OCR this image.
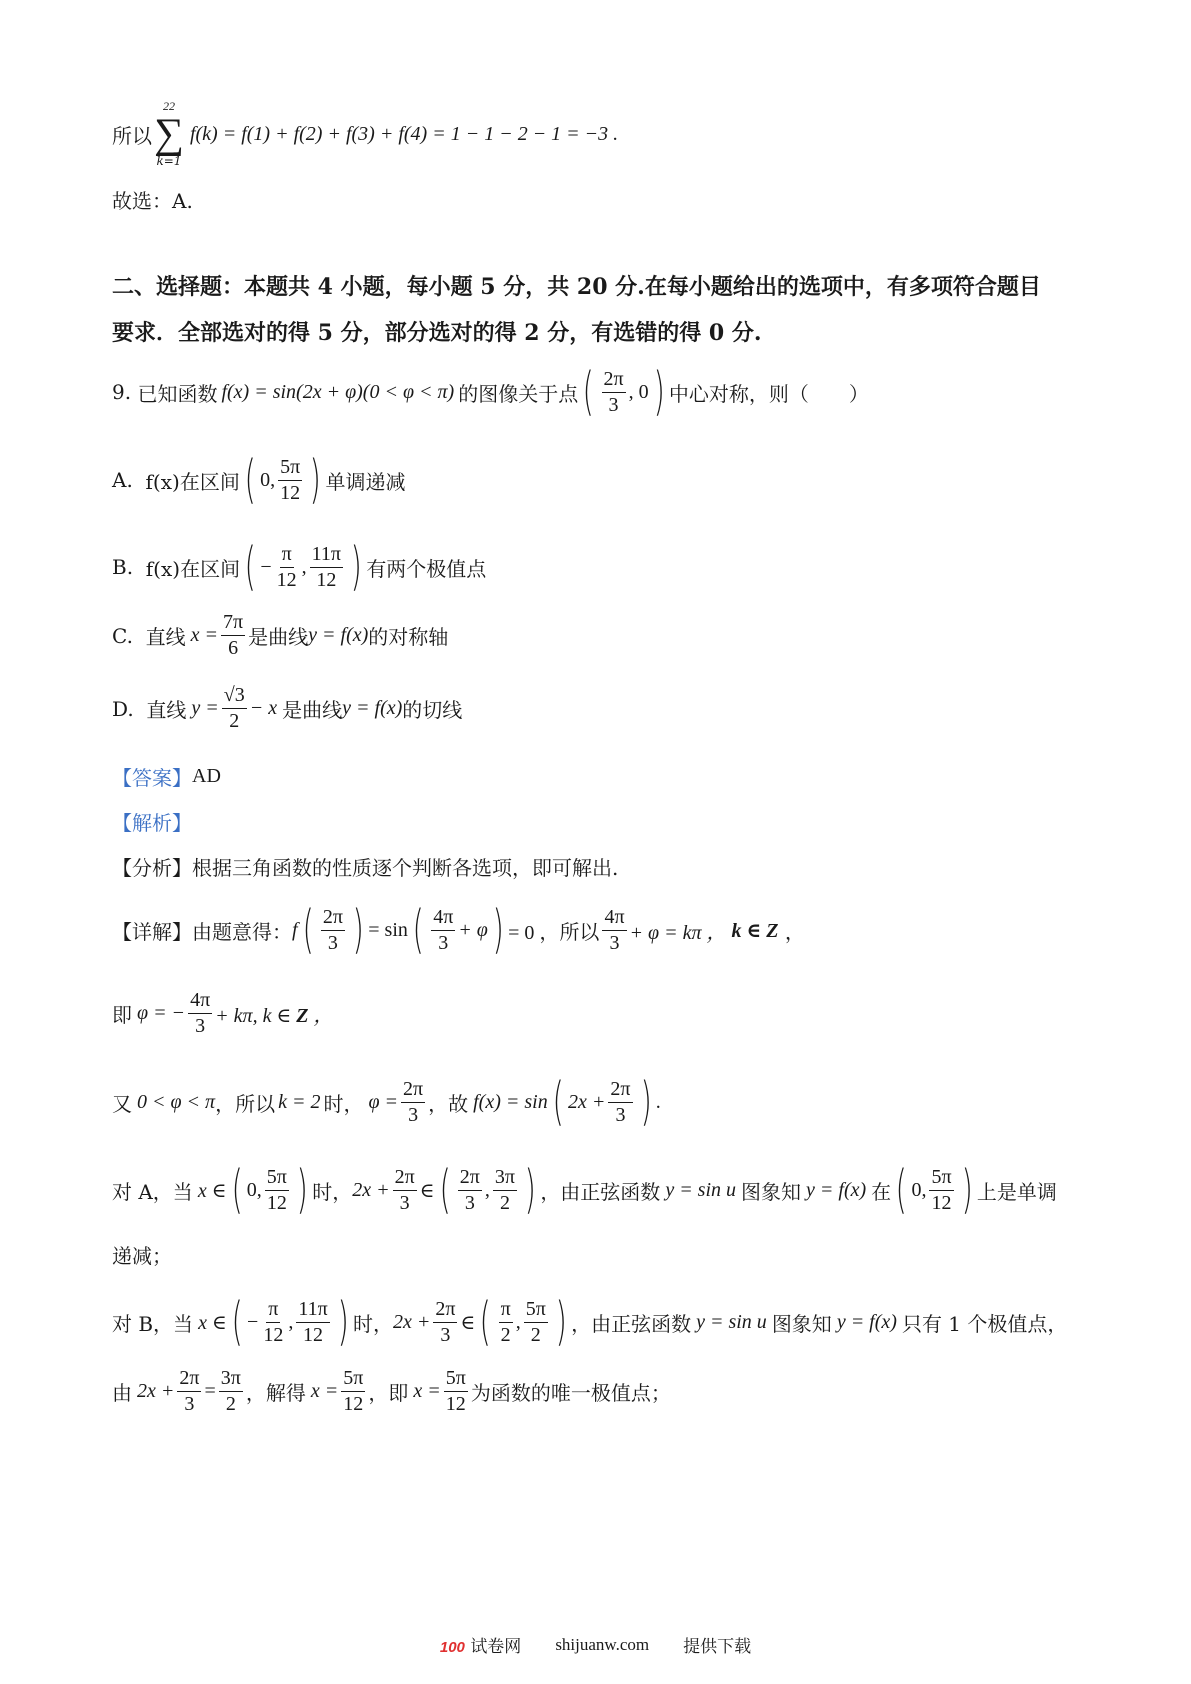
所以
22
∑
k=1
f(k) = f(1) + f(2) + f(3) + f(4) = 1 − 1 − 2 − 1 = −3 .
故选：A.
二、选择题：本题共 4 小题，每小题 5 分，共 20 分.在每小题给出的选项中，有多项符合题目
要求．全部选对的得 5 分，部分选对的得 2 分，有选错的得 0 分.
9.
已知函数 f(x) = sin(2x + φ)(0 < φ < π) 的图像关于点 ( $\frac{2\pi}{3}$ , 0 ) 中心对称，则（　　）
A.
f(x)在区间 ( 0, $\frac{5\pi}{12}$ ) 单调递减
B.
f(x)在区间 ( − $\frac{\pi}{12}$ , $\frac{11\pi}{12}$ ) 有两个极值点
C.
直线 $x = \frac{7\pi}{6}$ 是曲线 y = f(x) 的对称轴
D.
直线 $y = \frac{√3}{2} - x$ 是曲线 y = f(x) 的切线
【答案】 AD
【解析】
【分析】根据三角函数的性质逐个判断各选项，即可解出.
【详解】由题意得： f ( $\frac{2\pi}{3}$ ) = sin ( $\frac{4\pi}{3} + \varphi$ ) = 0 ， 所以 $\frac{4\pi}{3} + \varphi = k\pi$ ， k ∈ Z ，
即 φ = − $\frac{4\pi}{3} + k\pi$, k ∈ Z ，
又 0 < φ < π ，所以 k = 2 时， $\varphi = \frac{2\pi}{3}$ ，故 f(x) = sin ( $2x + \frac{2\pi}{3}$ ) .
对 A，当 x ∈ ( 0, $\frac{5\pi}{12}$ ) 时， $2x + \frac{2\pi}{3}$ ∈ ( $\frac{2\pi}{3}$ , $\frac{3\pi}{2}$ ) ，由正弦函数 y = sin u 图象知 y = f(x) 在 ( 0, $\frac{5\pi}{12}$ ) 上是单调
递减；
对 B，当 x ∈ ( − $\frac{\pi}{12}$ , $\frac{11\pi}{12}$ ) 时， $2x + \frac{2\pi}{3}$ ∈ ( $\frac{\pi}{2}$ , $\frac{5\pi}{2}$ ) ，由正弦函数 y = sin u 图象知 y = f(x) 只有 1 个极值点，
由 $2x + \frac{2\pi}{3} = \frac{3\pi}{2}$ ，解得 $x = \frac{5\pi}{12}$ ，即 $x = \frac{5\pi}{12}$ 为函数的唯一极值点；
100 试卷网 shijuanw.com 提供下载
